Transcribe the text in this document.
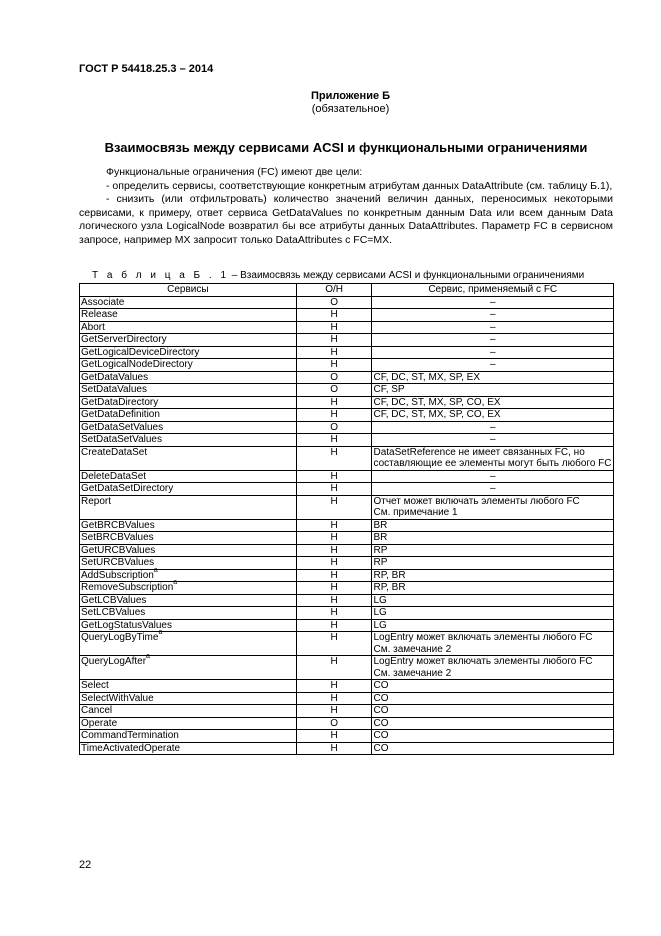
ГОСТ Р 54418.25.3 – 2014
Приложение Б
(обязательное)
Взаимосвязь между сервисами ACSI и функциональными ограничениями

Функциональные ограничения (FC) имеют две цели:

- определить сервисы, соответствующие конкретным атрибутам данных DataAttribute (см. таблицу Б.1),

- снизить (или отфильтровать) количество значений величин данных, переносимых некоторыми сервисами, к примеру, ответ сервиса GetDataValues по конкретным данным Data или всем данным Data логического узла LogicalNode возвратил бы все атрибуты данных DataAttributes. Параметр FC в сервисном запросе, например MX запросит только DataAttributes с FC=MX.

Т а б л и ц а Б . 1 – Взаимосвязь между сервисами ACSI и функциональными ограничениями
Сервисы	О/Н	Сервис, применяемый с FC
Associate	О	–
Release	Н	–
Abort	Н	–
GetServerDirectory	Н	–
GetLogicalDeviceDirectory	Н	–
GetLogicalNodeDirectory	Н	–
GetDataValues	О	CF, DC, ST, MX, SP, EX
SetDataValues	О	CF, SP
GetDataDirectory	Н	CF, DC, ST, MX, SP, CO, EX
GetDataDefinition	Н	CF, DC, ST, MX, SP, CO, EX
GetDataSetValues	О	–
SetDataSetValues	Н	–
CreateDataSet	Н	DataSetReference не имеет связанных FC, но составляющие ее элементы могут быть любого FC
DeleteDataSet	Н	–
GetDataSetDirectory	Н	–
Report	Н	Отчет может включать элементы любого FC
См. примечание 1
GetBRCBValues	Н	BR
SetBRCBValues	Н	BR
GetURCBValues	Н	RP
SetURCBValues	Н	RP
AddSubscription$^a$	Н	RP, BR
RemoveSubscription$^a$	Н	RP, BR
GetLCBValues	Н	LG
SetLCBValues	Н	LG
GetLogStatusValues	Н	LG
QueryLogByTime$^a$	Н	LogEntry может включать элементы любого FC
См. замечание 2
QueryLogAfter$^a$	Н	LogEntry может включать элементы любого FC
См. замечание 2
Select	Н	CO
SelectWithValue	Н	CO
Cancel	Н	CO
Operate	О	CO
CommandTermination	Н	CO
TimeActivatedOperate	Н	CO
22
